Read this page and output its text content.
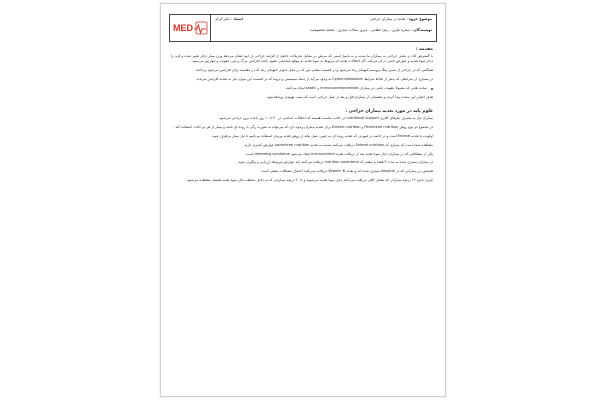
MED
موضوع جزوه : تغذیه در بیماران جراحی
نویسندگان : ستاره نیازی - زهرا نظامی - سری سالات حیدری - محمد معصومیت
استاد : دکتر کرکر
مقدمه :

با گسترش کاد در بخش جراحی به بیماران ما شدید و به پاسخ ایمنی که مریض در مقابل تحریکات حاصل از فرایند جراحی از خود نشان می‌دهد وزن بیمار دچار تغییر شده و فرد را دچار سوء تغذیه و عوارض ناشی از آن می‌کند. اگر اختلالات تغذیه ای مربوط به سوء تغذیه به موقع شناسایی نشود باعث افزایش مرگ و میر، عفونت و عوارض می‌شود.

همگامی که در جراحی از سمن بینگ پروسیه اتنهمای زیاد می‌شود و در قسمت مقدم سن که در محل جنوبی اتنهمای زیاد که در مقایسه برای افزایش می‌شود پرداخته.

در بسیاری از شرایطی که بیمار از لحاظ شرایط hypermetabolism به وجود می‌آید از جمله سپسیس و تروما که در قسمت این موارد نیاز به تغذیه افزایش می‌یابد.

سایت هایی که معمولا عفونت ناشی در بیماران immunocompromised و septic ایجاد می‌کنند.

هدف اصلی این مبحث پیدا کردن و پشتیبانی از بیماران قبل و بعد از عمل جراحی است که سبب بهبودی روندها شود.

علوم پایه در مورد تغذیه بیماران جراحی :

بیماران نیاز به مصرف نیازهای کالری nutritional support در حالت مناسب هستند که اختلالات اساسی در ۳۰ تا ۱۰ روز باعث بروز جراحی می‌شود.

در مجموع دو نوع روش Parenteral nutrition و Enteral nutrition برای تغذیه بیماران وجود دارد که می‌تواند به صورت رگی یا روده ای باشد و بیمار از هر دو حالت استفاده کند.

اولویت با تغذیه Enteral است و در ادامه در صورتی که تغذیه روده ای به خوبی عمل نکند از روش تغذیه وریدی استفاده می‌کنیم تا نیاز بیمار برطرف شود.

مشاهده شده است که بیماری که Enteral nutrition دریافت می‌کنند نسبت به تغذیه parenteral nutrition عوارض کمتری دارند.

یکی از مشکلاتی که در بیماران دچار سوء تغذیه بعد از دریافت تغذیه micronutrient ایجاد می‌شود refeeding syndrome است.

در بیماران بستری شده به مدت ۳ هفته یا بیشتر که nutrition parenteral دریافت می‌کنند باید عوارض مربوطه ارزیابی و پیگیری شود.

همچنین در بیمارانی که در hospital بستری شده اند و تغذیه Vitamin B دریافت نمی‌کنند احتمال مشکلات بیشتر است.

چیزی حدود ۱۴ درصد بیمارانی که مقدار کافی دریافت نمی‌کنند دچار سوء تغذیه می‌شوند و تا ۴۰ درصد بیمارانی که به دلایل مختلف دچار سوء تغذیه هستند مشاهده می‌شود.
